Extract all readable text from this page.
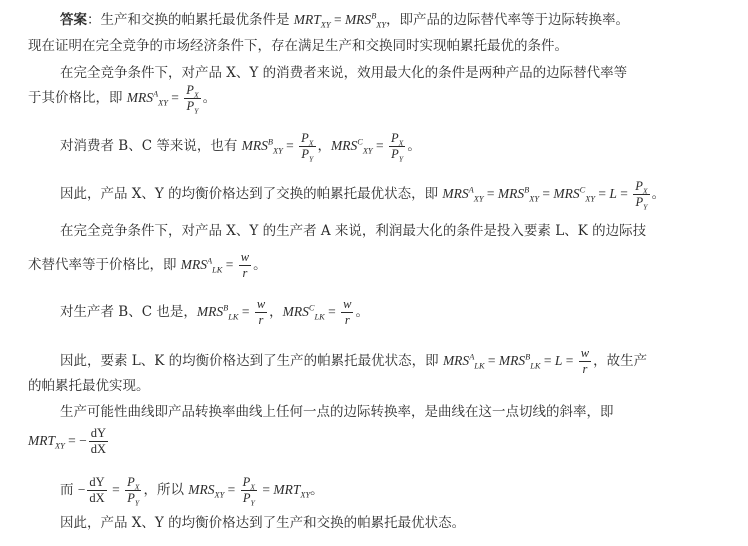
答案：生产和交换的帕累托最优条件是 $MRT_{XY} = MRS^B_{XY}$，即产品的边际替代率等于边际转换率。
现在证明在完全竞争的市场经济条件下，存在满足生产和交换同时实现帕累托最优的条件。
在完全竞争条件下，对产品 X、Y 的消费者来说，效用最大化的条件是两种产品的边际替代率等
于其价格比，即 $MRS^A_{XY} = \frac{P_X}{P_Y}$ 。
对消费者 B、C 等来说，也有 $MRS^B_{XY} = \frac{P_X}{P_Y}$ ，$MRS^C_{XY} = \frac{P_X}{P_Y}$ 。
因此，产品 X、Y 的均衡价格达到了交换的帕累托最优状态，即 $MRS^A_{XY} = MRS^B_{XY} = MRS^C_{XY} = L = \frac{P_X}{P_Y}$ 。
在完全竞争条件下，对产品 X、Y 的生产者 A 来说，利润最大化的条件是投入要素 L、K 的边际技
术替代率等于价格比，即 $MRS^A_{LK} = \frac{w}{r}$ 。
对生产者 B、C 也是，$MRS^B_{LK} = \frac{w}{r}$ ，$MRS^C_{LK} = \frac{w}{r}$ 。
因此，要素 L、K 的均衡价格达到了生产的帕累托最优状态，即 $MRS^A_{LK} = MRS^B_{LK} = L = \frac{w}{r}$ ，故生产
的帕累托最优实现。
生产可能性曲线即产品转换率曲线上任何一点的边际转换率，是曲线在这一点切线的斜率，即
$MRT_{XY}$ = − $\frac{dY}{dX}$
而 − $\frac{dY}{dX} = \frac{P_X}{P_Y}$ ，所以 $MRS_{XY} = \frac{P_X}{P_Y} = MRT_{XY}$。
因此，产品 X、Y 的均衡价格达到了生产和交换的帕累托最优状态。
